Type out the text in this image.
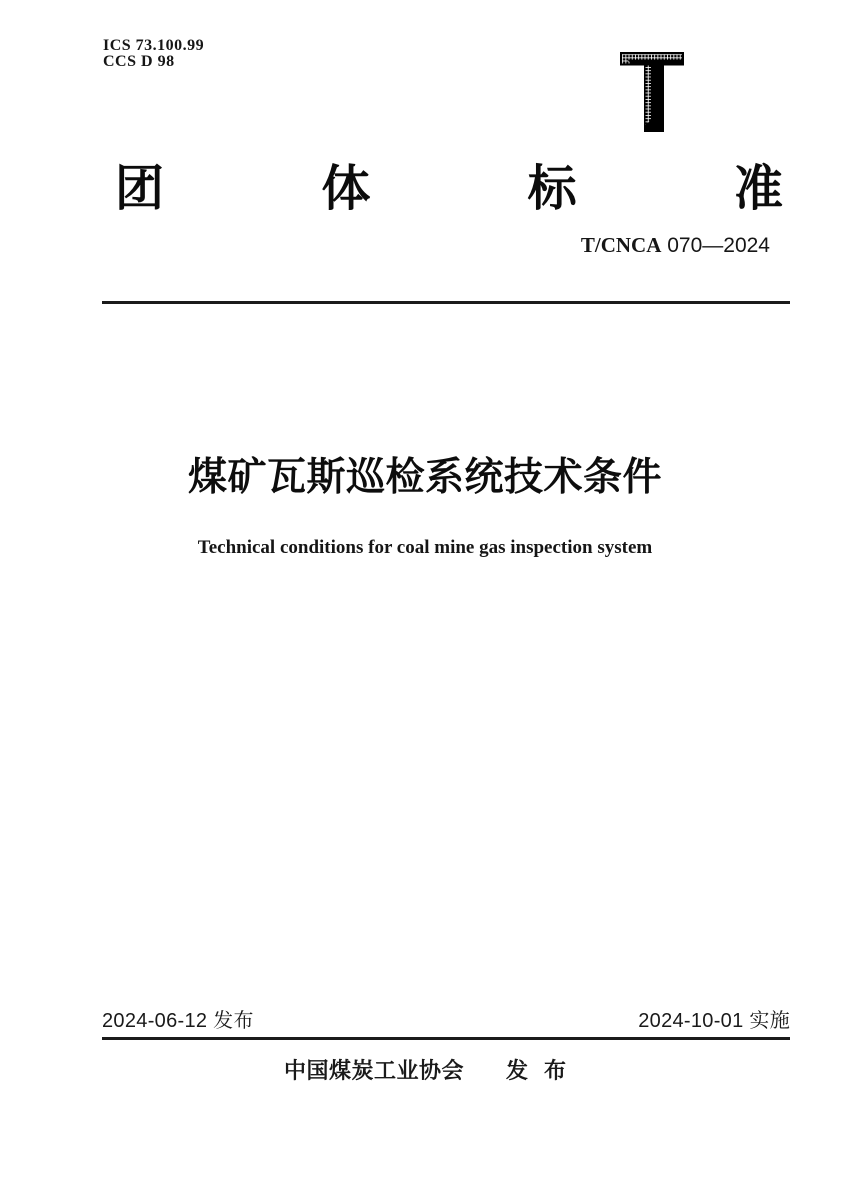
ICS 73.100.99
CCS D 98
团	体	标	准
T/CNCA 070—2024
煤矿瓦斯巡检系统技术条件
Technical conditions for coal mine gas inspection system
2024-06-12 发布	2024-10-01 实施
中国煤炭工业协会 发 布
